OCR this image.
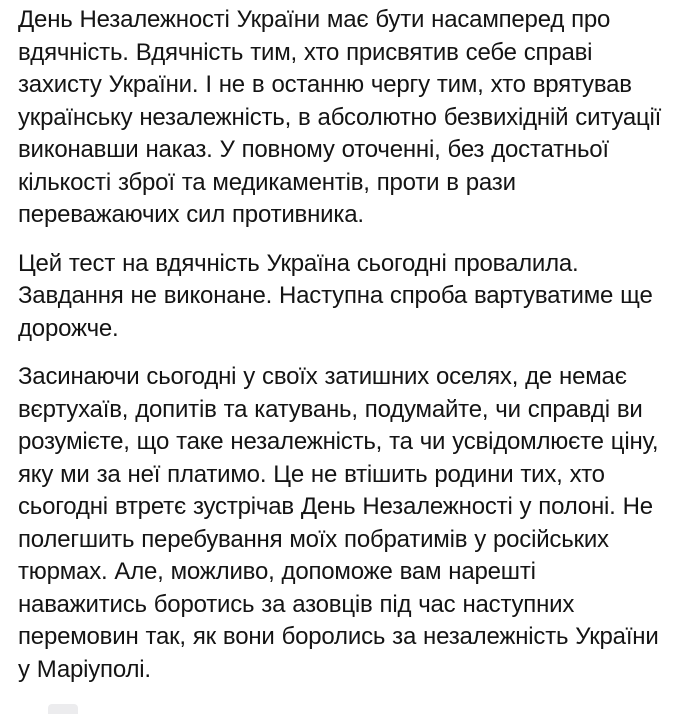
День Незалежності України має бути насамперед про вдячність. Вдячність тим, хто присвятив себе справі захисту України. І не в останню чергу тим, хто врятував українську незалежність, в абсолютно безвихідній ситуації виконавши наказ. У повному оточенні, без достатньої кількості зброї та медикаментів, проти в рази переважаючих сил противника.

Цей тест на вдячність Україна сьогодні провалила. Завдання не виконане. Наступна спроба вартуватиме ще дорожче.

Засинаючи сьогодні у своїх затишних оселях, де немає вєртухаїв, допитів та катувань, подумайте, чи справді ви розумієте, що таке незалежність, та чи усвідомлюєте ціну, яку ми за неї платимо. Це не втішить родини тих, хто сьогодні втретє зустрічав День Незалежності у полоні. Не полегшить перебування моїх побратимів у російських тюрмах. Але, можливо, допоможе вам нарешті наважитись боротись за азовців під час наступних перемовин так, як вони боролись за незалежність України у Маріуполі.
